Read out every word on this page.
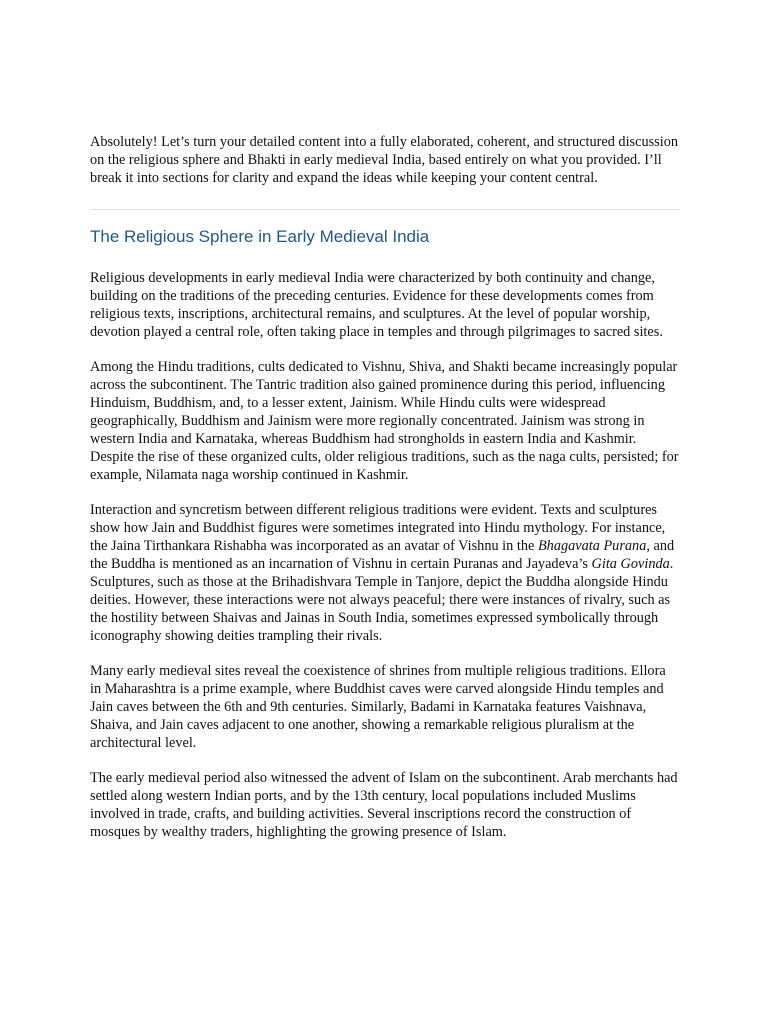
Absolutely! Let’s turn your detailed content into a fully elaborated, coherent, and structured discussion on the religious sphere and Bhakti in early medieval India, based entirely on what you provided. I’ll break it into sections for clarity and expand the ideas while keeping your content central.

The Religious Sphere in Early Medieval India

Religious developments in early medieval India were characterized by both continuity and change, building on the traditions of the preceding centuries. Evidence for these developments comes from religious texts, inscriptions, architectural remains, and sculptures. At the level of popular worship, devotion played a central role, often taking place in temples and through pilgrimages to sacred sites.

Among the Hindu traditions, cults dedicated to Vishnu, Shiva, and Shakti became increasingly popular across the subcontinent. The Tantric tradition also gained prominence during this period, influencing Hinduism, Buddhism, and, to a lesser extent, Jainism. While Hindu cults were widespread geographically, Buddhism and Jainism were more regionally concentrated. Jainism was strong in western India and Karnataka, whereas Buddhism had strongholds in eastern India and Kashmir. Despite the rise of these organized cults, older religious traditions, such as the naga cults, persisted; for example, Nilamata naga worship continued in Kashmir.

Interaction and syncretism between different religious traditions were evident. Texts and sculptures show how Jain and Buddhist figures were sometimes integrated into Hindu mythology. For instance, the Jaina Tirthankara Rishabha was incorporated as an avatar of Vishnu in the Bhagavata Purana, and the Buddha is mentioned as an incarnation of Vishnu in certain Puranas and Jayadeva’s Gita Govinda. Sculptures, such as those at the Brihadishvara Temple in Tanjore, depict the Buddha alongside Hindu deities. However, these interactions were not always peaceful; there were instances of rivalry, such as the hostility between Shaivas and Jainas in South India, sometimes expressed symbolically through iconography showing deities trampling their rivals.

Many early medieval sites reveal the coexistence of shrines from multiple religious traditions. Ellora in Maharashtra is a prime example, where Buddhist caves were carved alongside Hindu temples and Jain caves between the 6th and 9th centuries. Similarly, Badami in Karnataka features Vaishnava, Shaiva, and Jain caves adjacent to one another, showing a remarkable religious pluralism at the architectural level.

The early medieval period also witnessed the advent of Islam on the subcontinent. Arab merchants had settled along western Indian ports, and by the 13th century, local populations included Muslims involved in trade, crafts, and building activities. Several inscriptions record the construction of mosques by wealthy traders, highlighting the growing presence of Islam.
